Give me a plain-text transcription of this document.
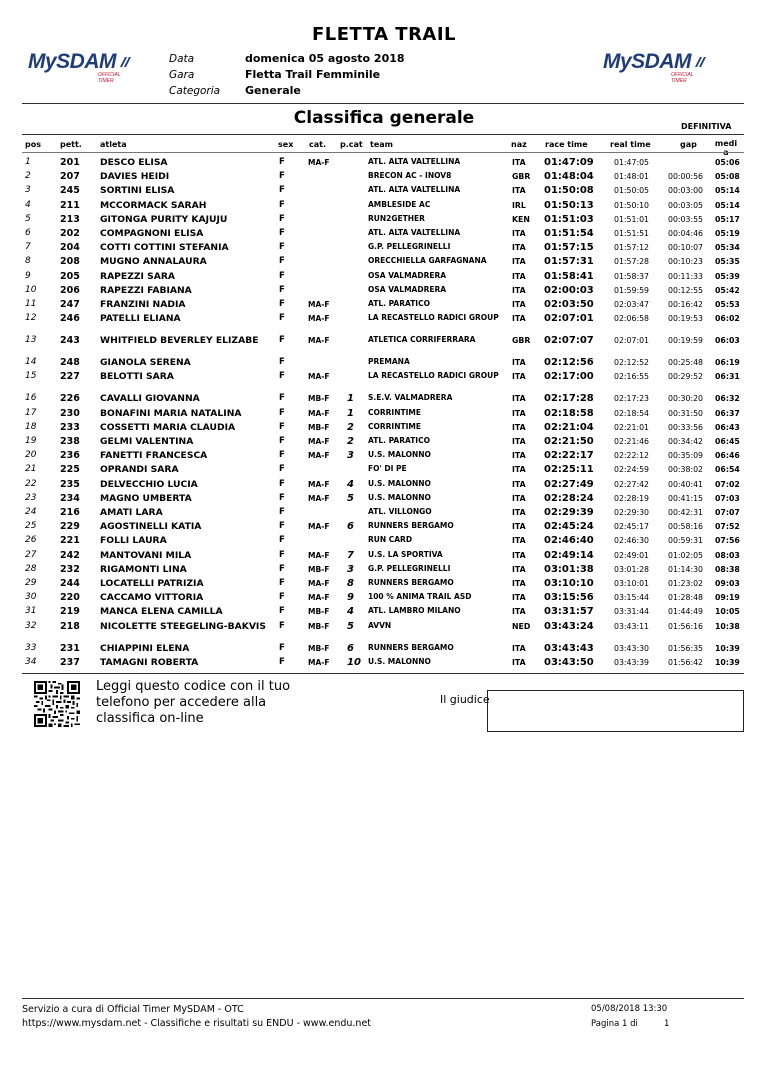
FLETTA TRAIL
MySDAM
OFFICIAL TIMER
MySDAM
OFFICIAL TIMER
Data
Gara
Categoria
domenica 05 agosto 2018
Fletta Trail Femminile
Generale
Classifica generale	DEFINITIVA
pos pett. atleta	sex cat. p.cat team	naz race time	real time	gap medi

1	201 DESCO ELISA	F	MA-F	ATL. ALTA VALTELLINA	ITA 01:47:09	01:47:05	05:06
2	207 DAVIES HEIDI	F	BRECON AC - INOV8	GBR 01:48:04	01:48:01 00:00:56 05:08
3	245 SORTINI ELISA	F	ATL. ALTA VALTELLINA	ITA 01:50:08	01:50:05 00:03:00 05:14
4	211 MCCORMACK SARAH	F	AMBLESIDE AC	IRL 01:50:13	01:50:10 00:03:05 05:14
5	213 GITONGA PURITY KAJUJU	F	RUN2GETHER	KEN 01:51:03	01:51:01 00:03:55 05:17
6	202 COMPAGNONI ELISA	F	ATL. ALTA VALTELLINA	ITA 01:51:54	01:51:51 00:04:46 05:19
7	204 COTTI COTTINI STEFANIA	F	G.P. PELLEGRINELLI	ITA 01:57:15	01:57:12 00:10:07 05:34
8	208 MUGNO ANNALAURA	F	ORECCHIELLA GARFAGNANA	ITA 01:57:31	01:57:28 00:10:23 05:35
9	205 RAPEZZI SARA	F	OSA VALMADRERA	ITA 01:58:41	01:58:37 00:11:33 05:39
10 206 RAPEZZI FABIANA	F	OSA VALMADRERA	ITA 02:00:03	01:59:59 00:12:55 05:42
11 247 FRANZINI NADIA	F	MA-F	ATL. PARATICO	ITA 02:03:50	02:03:47 00:16:42 05:53
12 246 PATELLI ELIANA	F	MA-F	LA RECASTELLO RADICI GROUP	ITA 02:07:01	02:06:58 00:19:53 06:02
13 243 WHITFIELD BEVERLEY ELIZABE	F	MA-F	ATLETICA CORRIFERRARA	GBR 02:07:07	02:07:01 00:19:59 06:03
14 248 GIANOLA SERENA	F	PREMANA	ITA 02:12:56	02:12:52 00:25:48 06:19
15 227 BELOTTI SARA	F	MA-F	LA RECASTELLO RADICI GROUP	ITA 02:17:00	02:16:55 00:29:52 06:31
16 226 CAVALLI GIOVANNA	F	MB-F 1 S.E.V. VALMADRERA	ITA 02:17:28	02:17:23 00:30:20 06:32
17 230 BONAFINI MARIA NATALINA	F	MA-F 1 CORRINTIME	ITA 02:18:58	02:18:54 00:31:50 06:37
18 233 COSSETTI MARIA CLAUDIA	F	MB-F 2 CORRINTIME	ITA 02:21:04	02:21:01 00:33:56 06:43
19 238 GELMI VALENTINA	F	MA-F 2 ATL. PARATICO	ITA 02:21:50	02:21:46 00:34:42 06:45
20 236 FANETTI FRANCESCA	F	MA-F 3 U.S. MALONNO	ITA 02:22:17	02:22:12 00:35:09 06:46
21 225 OPRANDI SARA	F	FO' DI PE	ITA 02:25:11	02:24:59 00:38:02 06:54
22 235 DELVECCHIO LUCIA	F	MA-F 4 U.S. MALONNO	ITA 02:27:49	02:27:42 00:40:41 07:02
23 234 MAGNO UMBERTA	F	MA-F 5 U.S. MALONNO	ITA 02:28:24	02:28:19 00:41:15 07:03
24 216 AMATI LARA	F	ATL. VILLONGO	ITA 02:29:39	02:29:30 00:42:31 07:07
25 229 AGOSTINELLI KATIA	F	MA-F 6 RUNNERS BERGAMO	ITA 02:45:24	02:45:17 00:58:16 07:52
26 221 FOLLI LAURA	F	RUN CARD	ITA 02:46:40	02:46:30 00:59:31 07:56
27 242 MANTOVANI MILA	F	MA-F 7 U.S. LA SPORTIVA	ITA 02:49:14	02:49:01 01:02:05 08:03
28 232 RIGAMONTI LINA	F	MB-F 3 G.P. PELLEGRINELLI	ITA 03:01:38	03:01:28 01:14:30 08:38
29 244 LOCATELLI PATRIZIA	F	MA-F 8 RUNNERS BERGAMO	ITA 03:10:10	03:10:01 01:23:02 09:03
30 220 CACCAMO VITTORIA	F	MA-F 9 100 % ANIMA TRAIL ASD	ITA 03:15:56	03:15:44 01:28:48 09:19
31 219 MANCA ELENA CAMILLA	F	MB-F 4 ATL. LAMBRO MILANO	ITA 03:31:57	03:31:44 01:44:49 10:05
32 218 NICOLETTE STEEGELING-BAKVIS	F	MB-F 5 AVVN	NED 03:43:24	03:43:11 01:56:16 10:38
33 231 CHIAPPINI ELENA	F	MB-F 6 RUNNERS BERGAMO	ITA 03:43:43	03:43:30 01:56:35 10:39
34 237 TAMAGNI ROBERTA	F	MA-F 10 U.S. MALONNO	ITA 03:43:50	03:43:39 01:56:42 10:39
Leggi questo codice con il tuo telefono per accedere alla classifica on-line
Il giudice
Servizio a cura di Official Timer MySDAM - OTC
https://www.mysdam.net - Classifiche e risultati su ENDU - www.endu.net
05/08/2018 13:30
Pagina 1 di	1
